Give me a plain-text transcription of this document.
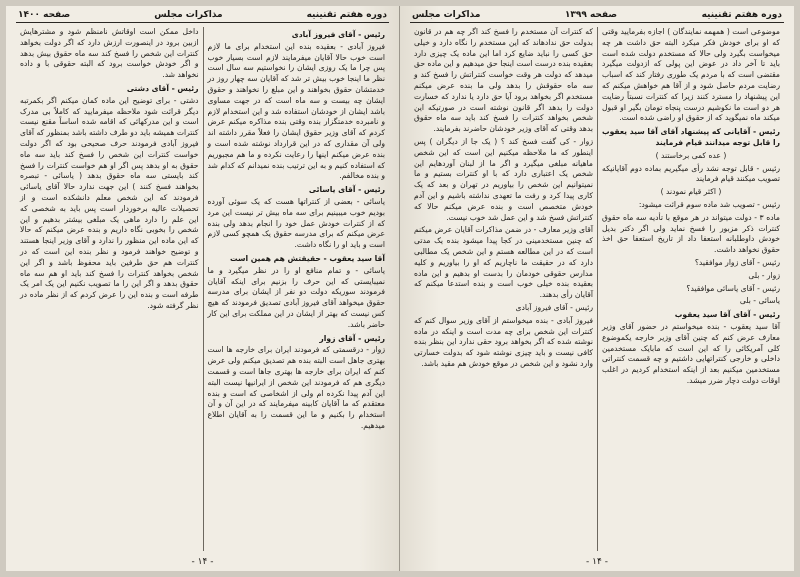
دوره هفتم تقنینیه
مذاکرات مجلس
صفحه ۱۴۰۰
رئیس - آقای فیروز آبادی

فیروز آبادی - بعقیده بنده این استخدام برای ما لازم است خوب حالا آقایان میفرمایند لازم است بسیار خوب پس چرا ما یک روزی ایشان را نخواستیم سه سال است نظر ما اینجا خوب بیش تر شد که آقایان سه چهار روز در خدمتشان حقوق بخواهند و این مبلغ را نخواهند و حقوق ایشان چه بیست و سه ماه است که در جهت مساوی باشد ایشان از خودشان استفاده شد و این استخدام لازم و نامبرده خدمتگزار بنده وقتی بنده مذاکره میکنم عرض کردم که آقای وزیر حقوق ایشان را فعلاً مقرر داشته اند ولی آن مقداری که در این قرارداد نوشته شده است و بنده عرض میکنم اینها را رعایت نکرده و ما هم مجبوریم که استفاده کنیم و به این ترتیب بنده نمیدانم که کدام شد و بنده مخالفم.

رئیس - آقای یاسائی

یاسائی - بعضی از کنتراتها هست که یک سوئی آورده بودیم خوب میبینیم برای سه ماه بیش تر نیست این مرد که از کنترات خودش عمل خود را انجام بدهد ولی بنده عرض میکنم که برای مدرسه حقوق یک همچو کسی لازم است و باید او را نگاه داشت.

آقا سید یعقوب - حقیقتش هم همین است

یاسائی - و تمام منافع او را در نظر میگیرد و ما نمیبایستی که این حرف را بزنیم برای اینکه آقایان فرمودند سوریکه دولت دو نفر از ایشان برای مدرسه حقوق میخواهد آقای فیروز آبادی تصدیق فرمودند که هیچ کس نیست که بهتر از ایشان در این مملکت برای این کار حاضر باشد.

رئیس - آقای زوار

زوار - درقسمتی که فرمودند ایران برای خارجه ها است بهتری جاهل است البته بنده هم تصدیق میکنم ولی عرض کنم که ایران برای خارجه ها بهتری جاها است و قسمت دیگری هم که فرمودند این شخص از ایرانیها نیست البته این آدم پیدا نکرده ام ولی از اشخاصی که است و بنده معتقدم که ما آقایان کابینه میفرمایند که در این آن و آن استخدام را بکنیم و ما این قسمت را به آقایان اطلاع میدهیم.

داخل ممکن است اوقاتش نامنظم شود و مشترهایش ازبین برود در اینصورت ارزش دارد که اگر دولت بخواهد کنترات این شخص را فسخ کند سه ماه حقوق بیش بدهد و اگر خودش خواست برود که البته حقوقی با و داده نخواهد شد.

رئیس - آقای دشتی

دشتی - برای توضیح این ماده کمان میکنم اگر بکمرتبه دیگر قرائت شود ملاحظه میفرمایید که کاملاً بی مدرک است و این مدرکهائی که اقامه شده اساساً مقنع نیست کنترات همیشه باید دو طرف داشته باشد بمنظور که آقای فیروز آبادی فرمودند حرف صحیحی بود که اگر دولت خواست کنترات این شخص را فسخ کند باید سه ماه حقوق به او بدهد پس اگر او هم خواست کنترات را فسخ کند بایستی سه ماه حقوق بدهد ( یاسائی - تبصره بخواهند فسخ کنند ) این جهت ندارد حالا آقای یاسائی فرمودند که این شخص معلم دانشکده است و از تحصیلات عالیه برخوردار است پس باید به شخصی که این علم را دارد ماهی یک مبلغی بیشتر بدهیم و این شخص را بخوبی نگاه داریم و بنده عرض میکنم که حالا که این ماده این منظور را ندارد و آقای وزیر اینجا هستند و توضیح خواهند فرمود و نظر بنده این است که در کنترات هم حق طرفین باید محفوظ باشد و اگر این شخص بخواهد کنترات را فسخ کند باید او هم سه ماه حقوق بدهد و اگر این را ما تصویب نکنیم این یک امر یک طرفه است و بنده این را عرض کردم که از نظر ماده در نظر گرفته شود.

- ۱۴ -
دوره هفتم تقنینیه
صفحه ۱۳۹۹
مذاکرات مجلس

موضوعی است ( همهمه نمایندگان ) اجازه بفرمایید وقتی که او برای خودش فکر میکرد البته حق داشت هر چه میخواست بگیرد ولی حالا که مستخدم دولت شده است باید تا آخر داد در عوض این پولی که ازدولت میگیرد مقتضی است که با مردم یک طوری رفتار کند که اسباب رضایت مردم حاصل شود و از آقا هم خواهش میکنم که این پیشنهاد را مسترد کنند زیرا که کنترات نسبتاً رضایت هر دو است ما نکوشیم درست پنجاه تومان بگیر او قبول میکند ماه نمیگوید که از حقوق او راضی شده است.

رئیس - آقایانی که پیشنهاد آقای آقا سید یعقوب را قابل توجه میدانند قیام فرمایند
( عده کمی برخاستند )

رئیس - قابل توجه نشد رأی میگیریم بماده دوم آقایانیکه تصویب میکنند قیام فرمایند

( اکثر قیام نمودند )

رئیس - تصویب شد ماده سوم قرائت میشود:

ماده ۳ - دولت میتواند در هر موقع با تأدیه سه ماه حقوق کنترات ذکر مزبور را فسخ نماید ولی اگر دکتر بدیل خودش داوطلبانه استعفا داد از تاریخ استعفا حق اخذ حقوق نخواهد داشت.

رئیس - آقای زوار موافقید؟

زوار - بلی

رئیس - آقای یاسائی موافقید؟

یاسائی - بلی

رئیس - آقای آقا سید یعقوب

آقا سید یعقوب - بنده میخواستم در حضور آقای وزیر معارف عرض کنم که چنین آقای وزیر خارجه یکموضوع کلی آمریکائی را که این است که مابایک مستخدمین داخلی و خارجی کنتراتهایی داشتیم و چه قسمت کنتراتی مستخدمین میکنیم بعد از اینکه استخدام کردیم در اغلب اوقات دولت دچار ضرر میشد.

که کنترات آن مستخدم را فسخ کند اگر چه هم در قانون بدولت حق ندادهاند که این مستخدم را نگاه دارد و خیلی حق کسی را نباید ضایع کرد اما این ماده یک چیزی دارد بعقیده بنده درست است اینجا حق میدهیم و این ماده حق میدهد که دولت هر وقت خواست کنتراتش را فسخ کند و سه ماه حقوقش را بدهد ولی ما بنده عرض میکنم مستخدم اگر بخواهد برود آیا حق دارد یا ندارد که خسارت دولت را بدهد اگر قانون نوشته است در صورتیکه این شخص بخواهد کنترات را فسخ کند باید سه ماه حقوق بدهد وقتی که آقای وزیر خودشان حاضرند بفرمایند.

زوار - کی گفت فسخ کند ؟ ( یک جا از دیگران ) پس اینطور که ما ملاحظه میکنیم این است که این شخص ماهیانه مبلغی میگیرد و اگر ما از لبنان آوردهایم این شخص یک اعتباری دارد که با او کنترات بستیم و ما نمیتوانیم این شخص را بیاوریم در تهران و بعد که یک کاری پیدا کرد و رفت ما تعهدی نداشته باشیم و این آدم خودش متخصص است و بنده عرض میکنم حالا که کنتراتش فسخ شد و این عمل شد خوب نیست.

آقای وزیر معارف - در ضمن مذاکرات آقایان عرض میکنم که چنین مستخدمینی در کجا پیدا میشود بنده یک مدتی است که در این مطالعه هستم و این شخص یک مطالبی دارد که در حقیقت ما ناچاریم که او را بیاوریم و کلیه مدارس حقوقی خودمان را بدست او بدهیم و این ماده بعقیده بنده خیلی خوب است و بنده استدعا میکنم که آقایان رأی بدهند.

رئیس - آقای فیروز آبادی

فیروز آبادی - بنده میخواستم از آقای وزیر سوال کنم که کنترات این شخص برای چه مدت است و اینکه در ماده نوشته شده که اگر بخواهد برود حقی ندارد این بنظر بنده کافی نیست و باید چیزی نوشته شود که بدولت خسارتی وارد نشود و این شخص در موقع خودش هم مقید باشد.

- ۱۴ -
